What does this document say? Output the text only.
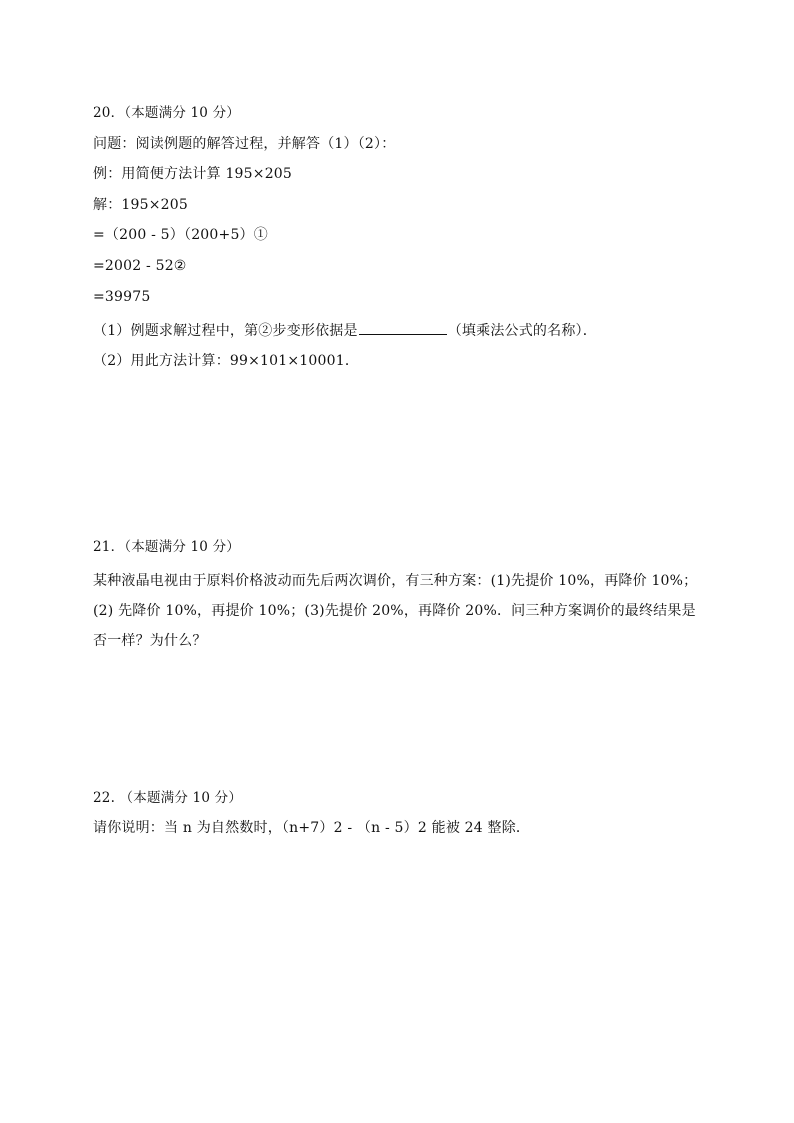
20．（本题满分 10 分）
问题：阅读例题的解答过程，并解答（1）（2）：
例：用简便方法计算 195×205
解：195×205
=（200 - 5）（200+5）①
=2002 - 52②
=39975
（1）例题求解过程中，第②步变形依据是	（填乘法公式的名称）．
（2）用此方法计算：99×101×10001．
21．（本题满分 10 分）
某种液晶电视由于原料价格波动而先后两次调价，有三种方案：(1)先提价 10%，再降价 10%；(2) 先降价 10%，再提价 10%；(3)先提价 20%，再降价 20%．问三种方案调价的最终结果是否一样？为什么？
22. （本题满分 10 分）
请你说明：当 n 为自然数时，（n+7）2 - （n - 5）2 能被 24 整除．
